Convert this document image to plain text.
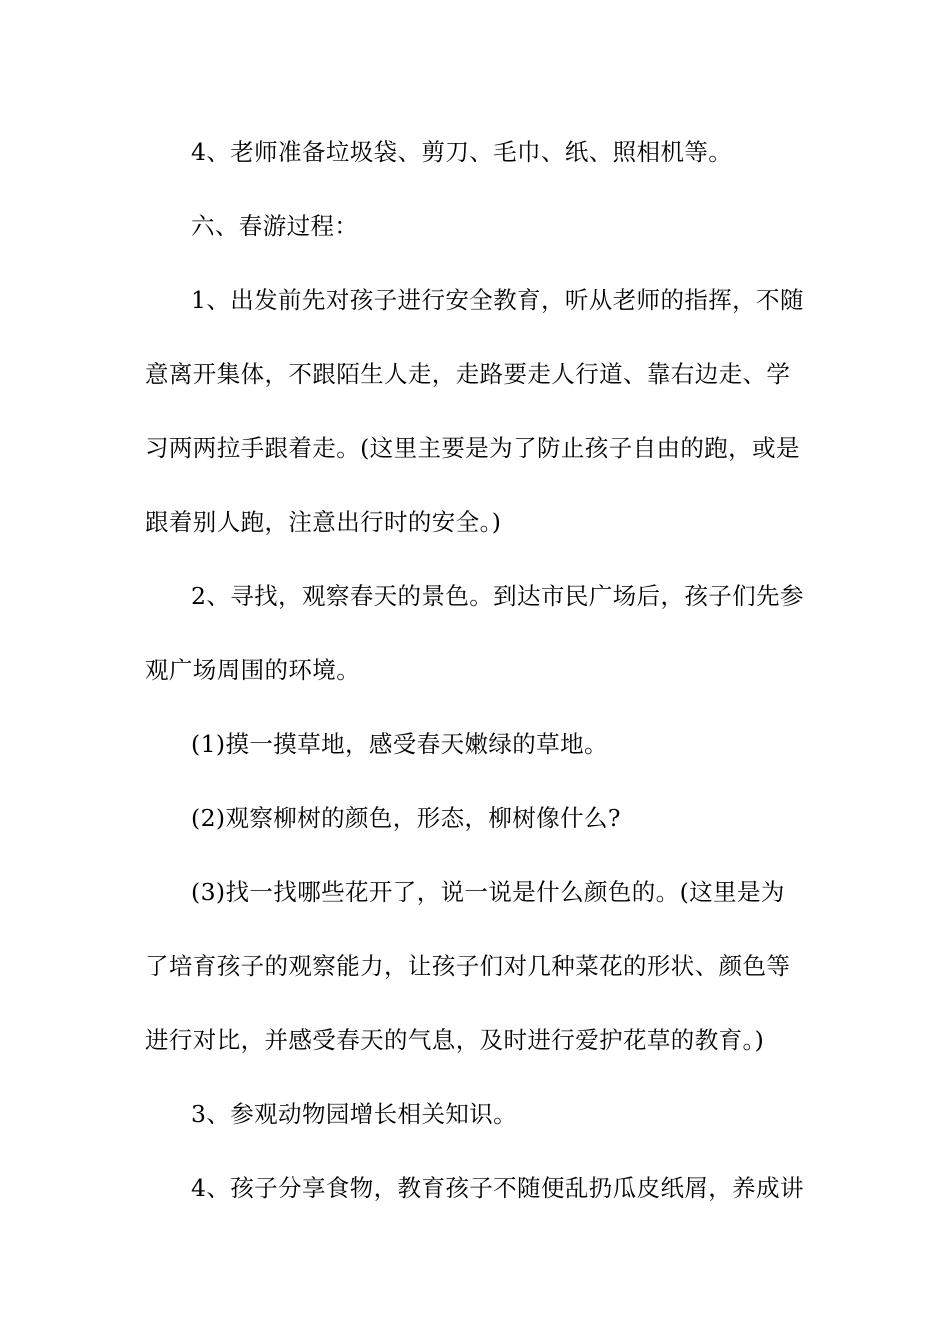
4、老师准备垃圾袋、剪刀、毛巾、纸、照相机等。
六、春游过程：
1、出发前先对孩子进行安全教育，听从老师的指挥，不随
意离开集体，不跟陌生人走，走路要走人行道、靠右边走、学
习两两拉手跟着走。(这里主要是为了防止孩子自由的跑，或是
跟着别人跑，注意出行时的安全。)
2、寻找，观察春天的景色。到达市民广场后，孩子们先参
观广场周围的环境。
(1)摸一摸草地，感受春天嫩绿的草地。
(2)观察柳树的颜色，形态，柳树像什么?
(3)找一找哪些花开了，说一说是什么颜色的。(这里是为
了培育孩子的观察能力，让孩子们对几种菜花的形状、颜色等
进行对比，并感受春天的气息，及时进行爱护花草的教育。)
3、参观动物园增长相关知识。
4、孩子分享食物，教育孩子不随便乱扔瓜皮纸屑，养成讲
